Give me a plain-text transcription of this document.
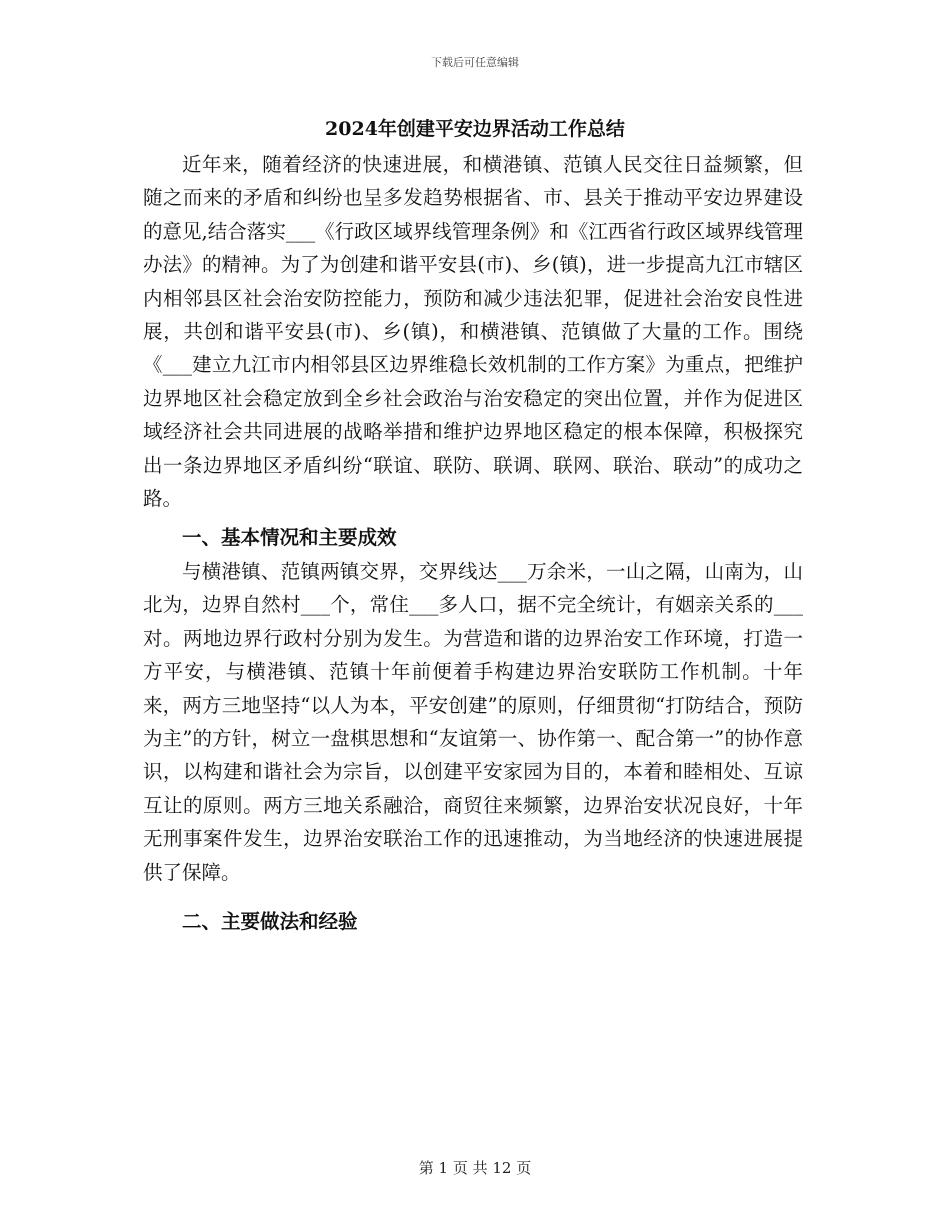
下载后可任意编辑
2024年创建平安边界活动工作总结

近年来，随着经济的快速进展，和横港镇、范镇人民交往日益频繁，但随之而来的矛盾和纠纷也呈多发趋势根据省、市、县关于推动平安边界建设的意见,结合落实___《行政区域界线管理条例》和《江西省行政区域界线管理办法》的精神。为了为创建和谐平安县(市)、乡(镇)，进一步提高九江市辖区内相邻县区社会治安防控能力，预防和减少违法犯罪，促进社会治安良性进展，共创和谐平安县(市)、乡(镇)，和横港镇、范镇做了大量的工作。围绕《___建立九江市内相邻县区边界维稳长效机制的工作方案》为重点，把维护边界地区社会稳定放到全乡社会政治与治安稳定的突出位置，并作为促进区域经济社会共同进展的战略举措和维护边界地区稳定的根本保障，积极探究出一条边界地区矛盾纠纷“联谊、联防、联调、联网、联治、联动”的成功之路。

一、基本情况和主要成效

与横港镇、范镇两镇交界，交界线达___万余米，一山之隔，山南为，山北为，边界自然村___个，常住___多人口，据不完全统计，有姻亲关系的___对。两地边界行政村分别为发生。为营造和谐的边界治安工作环境，打造一方平安，与横港镇、范镇十年前便着手构建边界治安联防工作机制。十年来，两方三地坚持“以人为本，平安创建”的原则，仔细贯彻“打防结合，预防为主”的方针，树立一盘棋思想和“友谊第一、协作第一、配合第一”的协作意识，以构建和谐社会为宗旨，以创建平安家园为目的，本着和睦相处、互谅互让的原则。两方三地关系融洽，商贸往来频繁，边界治安状况良好，十年无刑事案件发生，边界治安联治工作的迅速推动，为当地经济的快速进展提供了保障。

二、主要做法和经验
第 1 页 共 12 页
